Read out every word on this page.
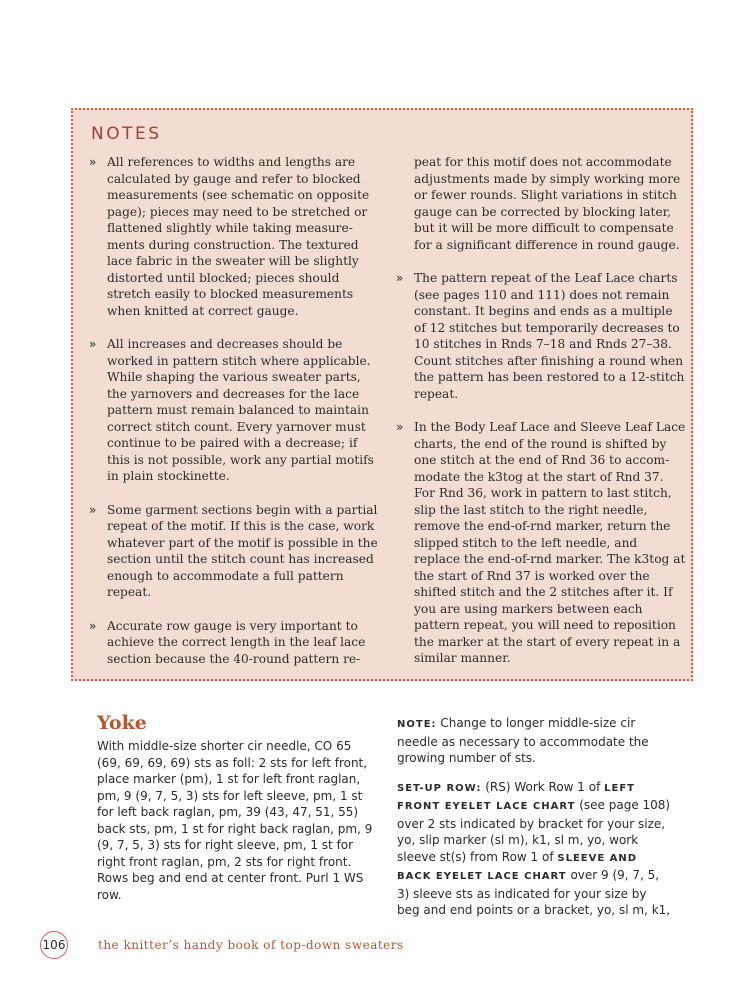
NOTES
» All references to widths and lengths are calculated by gauge and refer to blocked measurements (see schematic on opposite page); pieces may need to be stretched or flattened slightly while taking measurements during construction. The textured lace fabric in the sweater will be slightly distorted until blocked; pieces should stretch easily to blocked measurements when knitted at correct gauge.
» All increases and decreases should be worked in pattern stitch where applicable. While shaping the various sweater parts, the yarnovers and decreases for the lace pattern must remain balanced to maintain correct stitch count. Every yarnover must continue to be paired with a decrease; if this is not possible, work any partial motifs in plain stockinette.
» Some garment sections begin with a partial repeat of the motif. If this is the case, work whatever part of the motif is possible in the section until the stitch count has increased enough to accommodate a full pattern repeat.
» Accurate row gauge is very important to achieve the correct length in the leaf lace section because the 40-round pattern re-
peat for this motif does not accommodate adjustments made by simply working more or fewer rounds. Slight variations in stitch gauge can be corrected by blocking later, but it will be more difficult to compensate for a significant difference in round gauge.
» The pattern repeat of the Leaf Lace charts (see pages 110 and 111) does not remain constant. It begins and ends as a multiple of 12 stitches but temporarily decreases to 10 stitches in Rnds 7–18 and Rnds 27–38. Count stitches after finishing a round when the pattern has been restored to a 12-stitch repeat.
» In the Body Leaf Lace and Sleeve Leaf Lace charts, the end of the round is shifted by one stitch at the end of Rnd 36 to accommodate the k3tog at the start of Rnd 37. For Rnd 36, work in pattern to last stitch, slip the last stitch to the right needle, remove the end-of-rnd marker, return the slipped stitch to the left needle, and replace the end-of-rnd marker. The k3tog at the start of Rnd 37 is worked over the shifted stitch and the 2 stitches after it. If you are using markers between each pattern repeat, you will need to reposition the marker at the start of every repeat in a similar manner.
Yoke
With middle-size shorter cir needle, CO 65 (69, 69, 69, 69) sts as foll: 2 sts for left front, place marker (pm), 1 st for left front raglan, pm, 9 (9, 7, 5, 3) sts for left sleeve, pm, 1 st for left back raglan, pm, 39 (43, 47, 51, 55) back sts, pm, 1 st for right back raglan, pm, 9 (9, 7, 5, 3) sts for right sleeve, pm, 1 st for right front raglan, pm, 2 sts for right front. Rows beg and end at center front. Purl 1 WS row.

NOTE: Change to longer middle-size cir needle as necessary to accommodate the growing number of sts.

SET-UP ROW: (RS) Work Row 1 of LEFT FRONT EYELET LACE CHART (see page 108) over 2 sts indicated by bracket for your size, yo, slip marker (sl m), k1, sl m, yo, work sleeve st(s) from Row 1 of SLEEVE AND BACK EYELET LACE CHART over 9 (9, 7, 5, 3) sleeve sts as indicated for your size by beg and end points or a bracket, yo, sl m, k1,

106	the knitter’s handy book of top-down sweaters
